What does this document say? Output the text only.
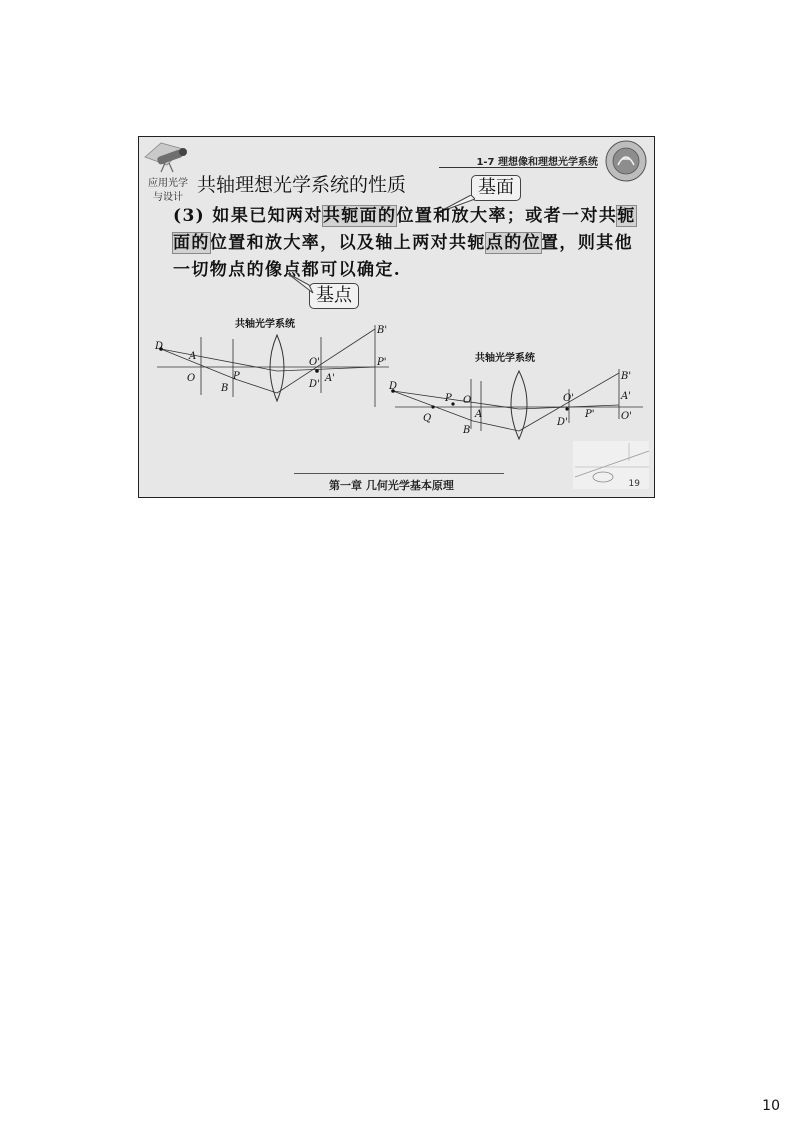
应用光学
与设计
1-7 理想像和理想光学系统
共轴理想光学系统的性质	基面
(3) 如果已知两对共轭面的位置和放大率；或者一对共轭面的位置和放大率，以及轴上两对共轭点的位置，则其他一切物点的像点都可以确定.
基点
共轴光学系统
D
A
O	P
B
O'
D'
A'
P'
B'
共轴光学系统
D
P O
A
Q
B
O'
D'
P'
B'
A'
O'
第一章 几何光学基本原理	19
10
